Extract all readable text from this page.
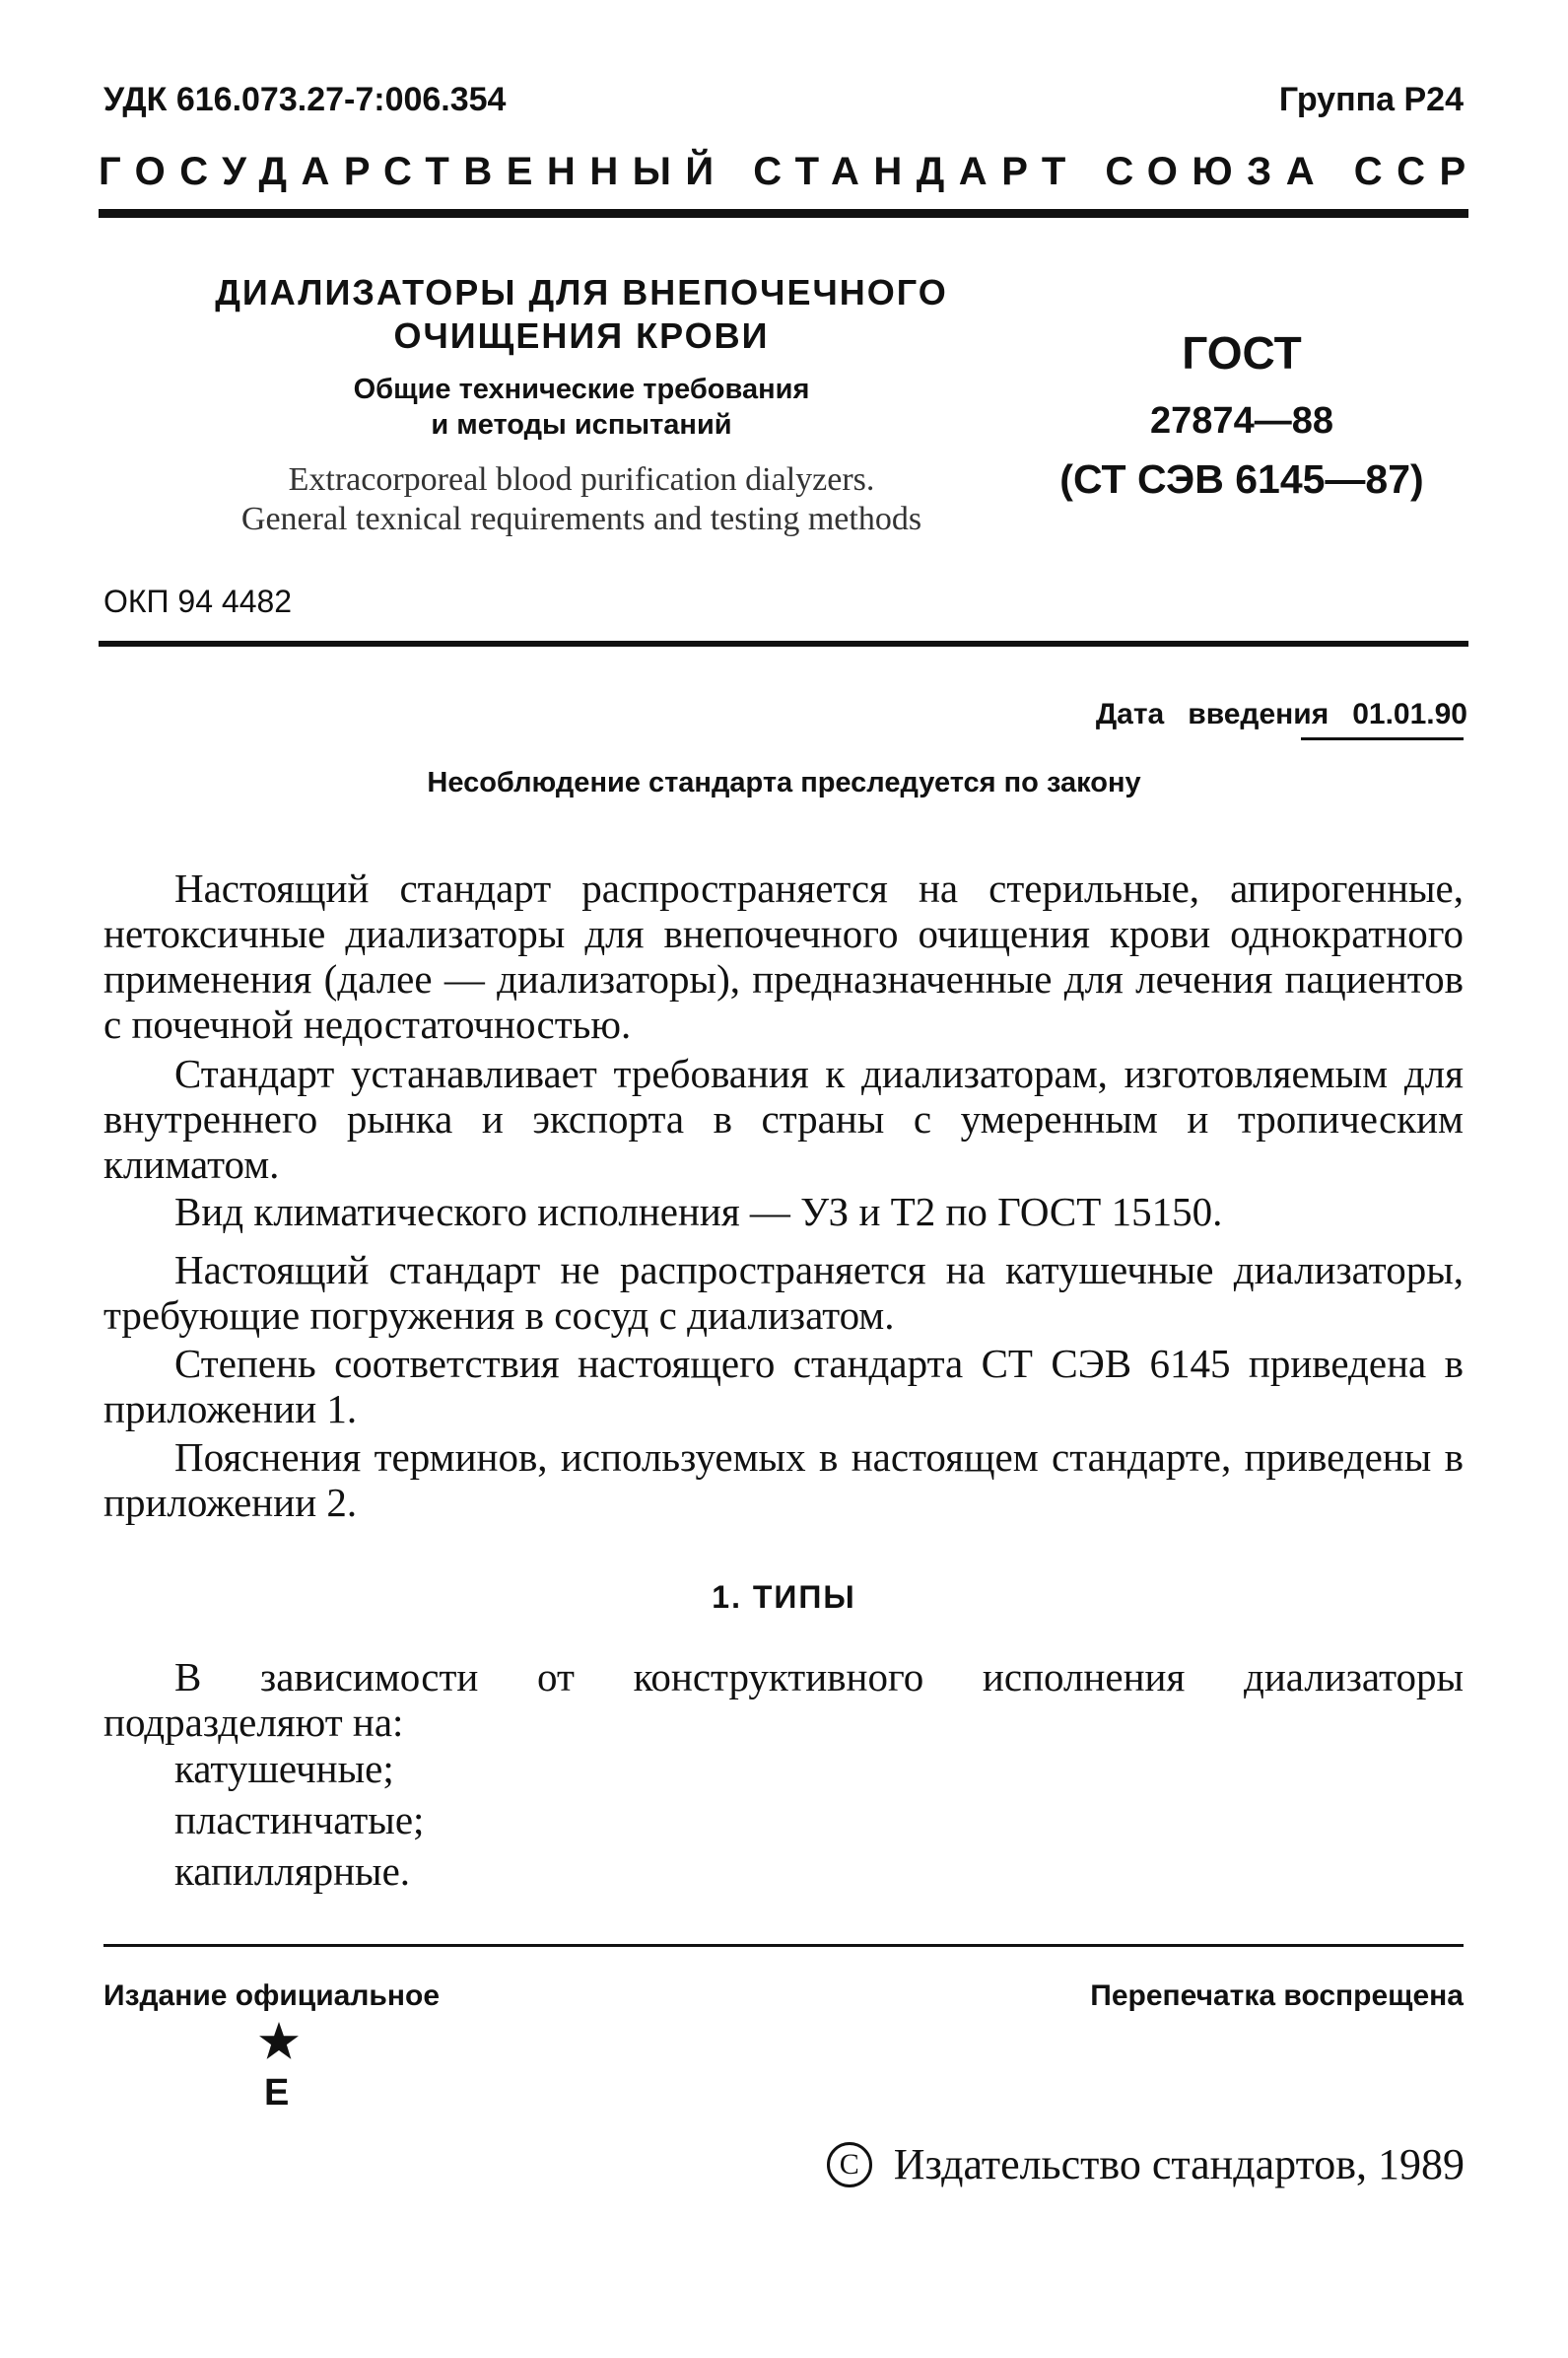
УДК 616.073.27-7:006.354	Группа Р24
ГОСУДАРСТВЕННЫЙ СТАНДАРТ СОЮЗА ССР
ДИАЛИЗАТОРЫ ДЛЯ ВНЕПОЧЕЧНОГО
ОЧИЩЕНИЯ КРОВИ
Общие технические требования
и методы испытаний
Extracorporeal blood purification dialyzers.
General texnical requirements and testing methods
ГОСТ
27874—88
(СТ СЭВ 6145—87)
ОКП 94 4482
Дата введения 01.01.90
Несоблюдение стандарта преследуется по закону

Настоящий стандарт распространяется на стерильные, апирогенные, нетоксичные диализаторы для внепочечного очищения крови однократного применения (далее — диализаторы), предназначенные для лечения пациентов с почечной недостаточностью.

Стандарт устанавливает требования к диализаторам, изготовляемым для внутреннего рынка и экспорта в страны с умеренным и тропическим климатом.

Вид климатического исполнения — УЗ и Т2 по ГОСТ 15150.

Настоящий стандарт не распространяется на катушечные диализаторы, требующие погружения в сосуд с диализатом.

Степень соответствия настоящего стандарта СТ СЭВ 6145 приведена в приложении 1.

Пояснения терминов, используемых в настоящем стандарте, приведены в приложении 2.

1. ТИПЫ

В зависимости от конструктивного исполнения диализаторы подразделяют на:

катушечные;
пластинчатые;
капиллярные.
Издание официальное	Перепечатка воспрещена
E
C Издательство стандартов, 1989
